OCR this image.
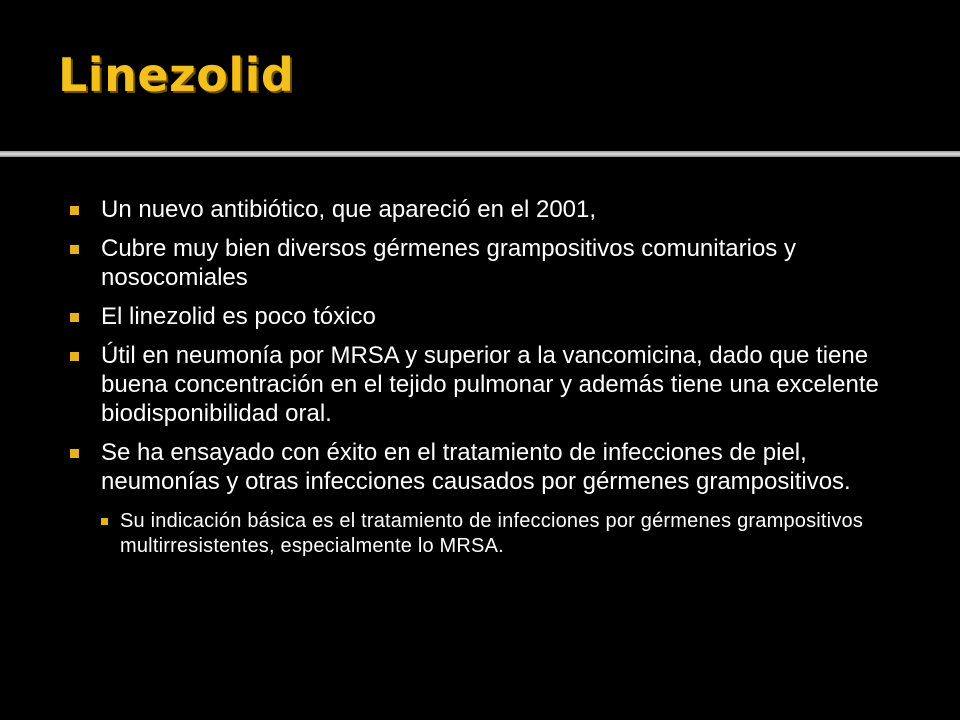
Linezolid
Un nuevo antibiótico, que apareció en el 2001,
Cubre muy bien diversos gérmenes grampositivos comunitarios y nosocomiales
El linezolid es poco tóxico
Útil en neumonía por MRSA y superior a la vancomicina, dado que tiene buena concentración en el tejido pulmonar y además tiene una excelente biodisponibilidad oral.
Se ha ensayado con éxito en el tratamiento de infecciones de piel, neumonías y otras infecciones causados por gérmenes grampositivos.
Su indicación básica es el tratamiento de infecciones por gérmenes grampositivos multirresistentes, especialmente lo MRSA.
